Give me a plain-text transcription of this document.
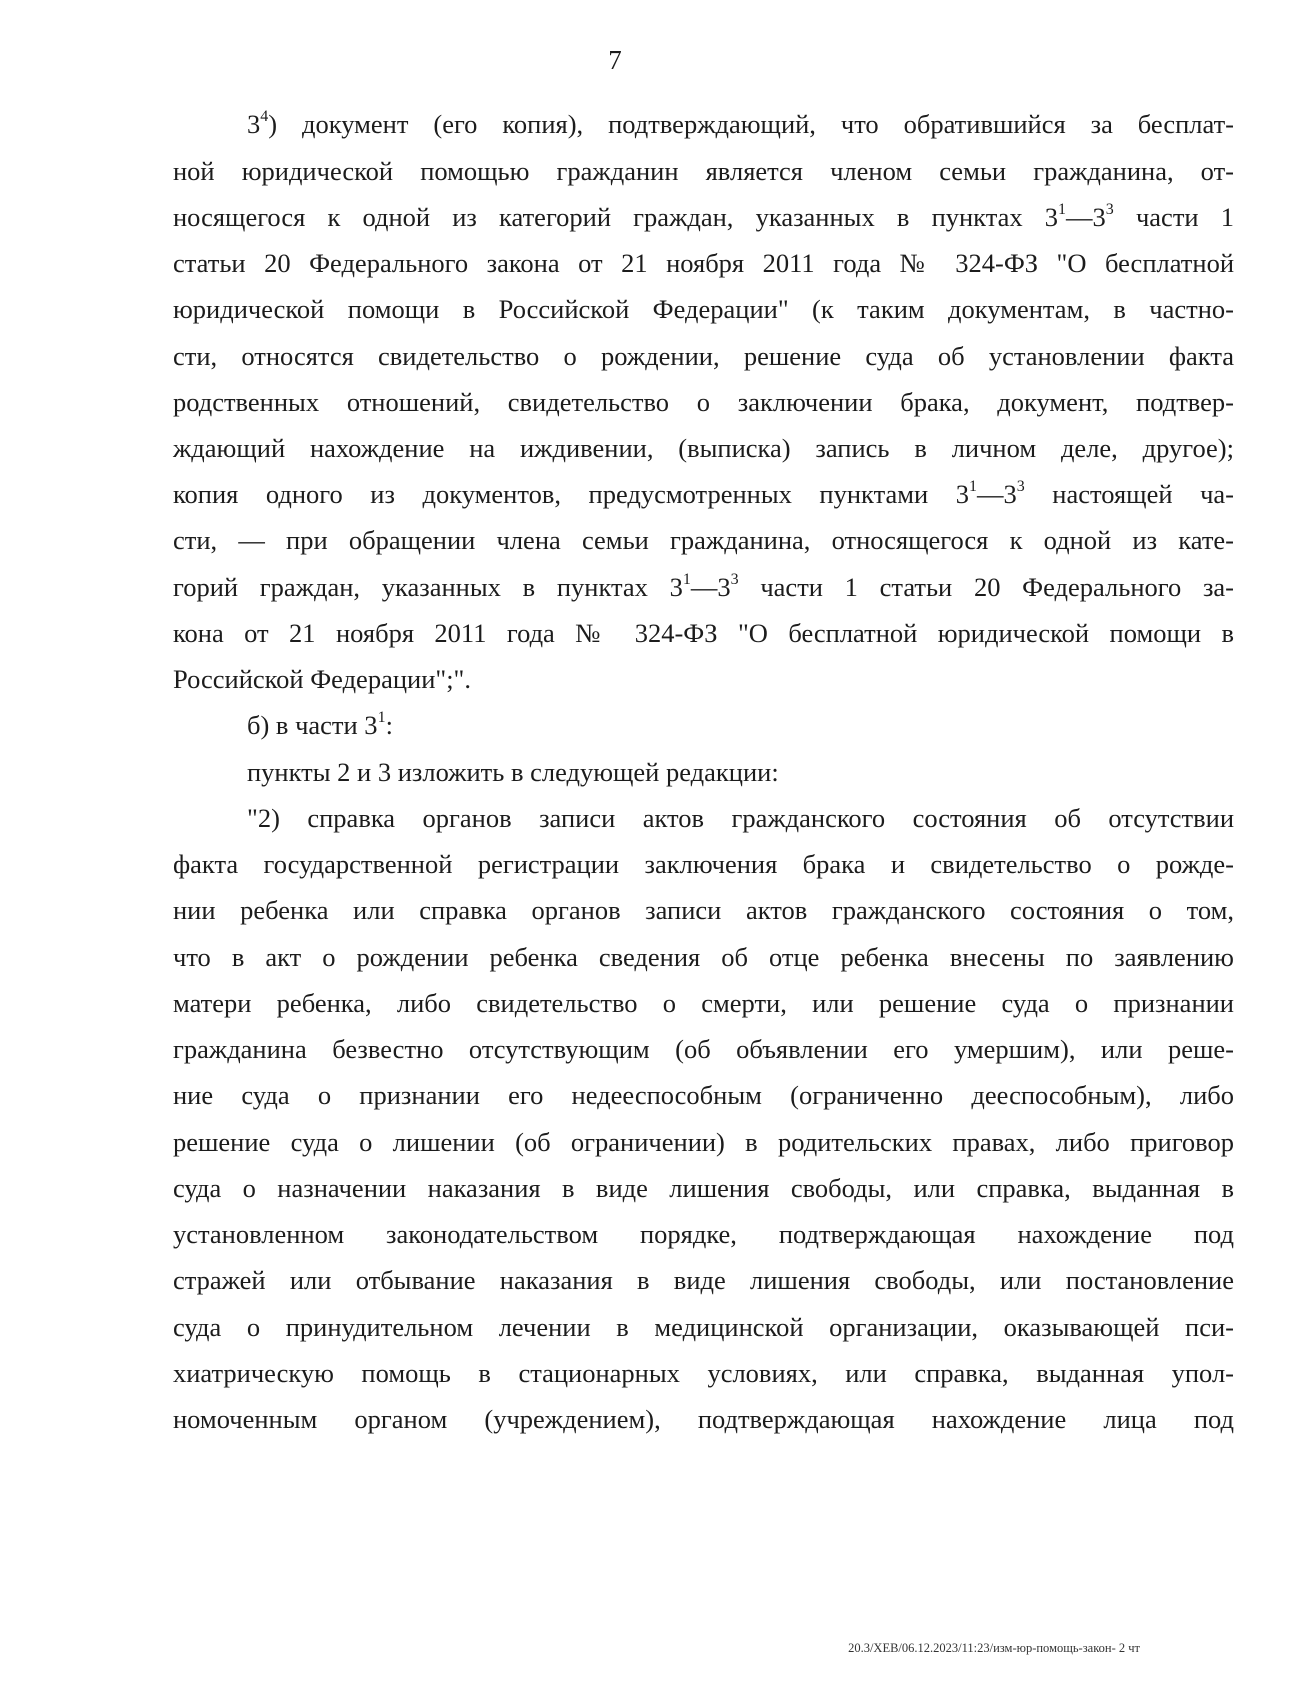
7
$3^4$) документ (его копия), подтверждающий, что обратившийся за бесплат-
ной юридической помощью гражданин является членом семьи гражданина, от-
носящегося к одной из категорий граждан, указанных в пунктах $3^1—3^3$ части 1
статьи 20 Федерального закона от 21 ноября 2011 года № 324-ФЗ "О бесплатной
юридической помощи в Российской Федерации" (к таким документам, в частно-
сти, относятся свидетельство о рождении, решение суда об установлении факта
родственных отношений, свидетельство о заключении брака, документ, подтвер-
ждающий нахождение на иждивении, (выписка) запись в личном деле, другое);
копия одного из документов, предусмотренных пунктами $3^1—3^3$ настоящей ча-
сти, — при обращении члена семьи гражданина, относящегося к одной из кате-
горий граждан, указанных в пунктах $3^1—3^3$ части 1 статьи 20 Федерального за-
кона от 21 ноября 2011 года № 324-ФЗ "О бесплатной юридической помощи в
Российской Федерации";".
б) в части $3^1$:
пункты 2 и 3 изложить в следующей редакции:
"2) справка органов записи актов гражданского состояния об отсутствии
факта государственной регистрации заключения брака и свидетельство о рожде-
нии ребенка или справка органов записи актов гражданского состояния о том,
что в акт о рождении ребенка сведения об отце ребенка внесены по заявлению
матери ребенка, либо свидетельство о смерти, или решение суда о признании
гражданина безвестно отсутствующим (об объявлении его умершим), или реше-
ние суда о признании его недееспособным (ограниченно дееспособным), либо
решение суда о лишении (об ограничении) в родительских правах, либо приговор
суда о назначении наказания в виде лишения свободы, или справка, выданная в
установленном законодательством порядке, подтверждающая нахождение под
стражей или отбывание наказания в виде лишения свободы, или постановление
суда о принудительном лечении в медицинской организации, оказывающей пси-
хиатрическую помощь в стационарных условиях, или справка, выданная упол-
номоченным органом (учреждением), подтверждающая нахождение лица под
20.3/ХЕВ/06.12.2023/11:23/изм-юр-помощь-закон- 2 чт
